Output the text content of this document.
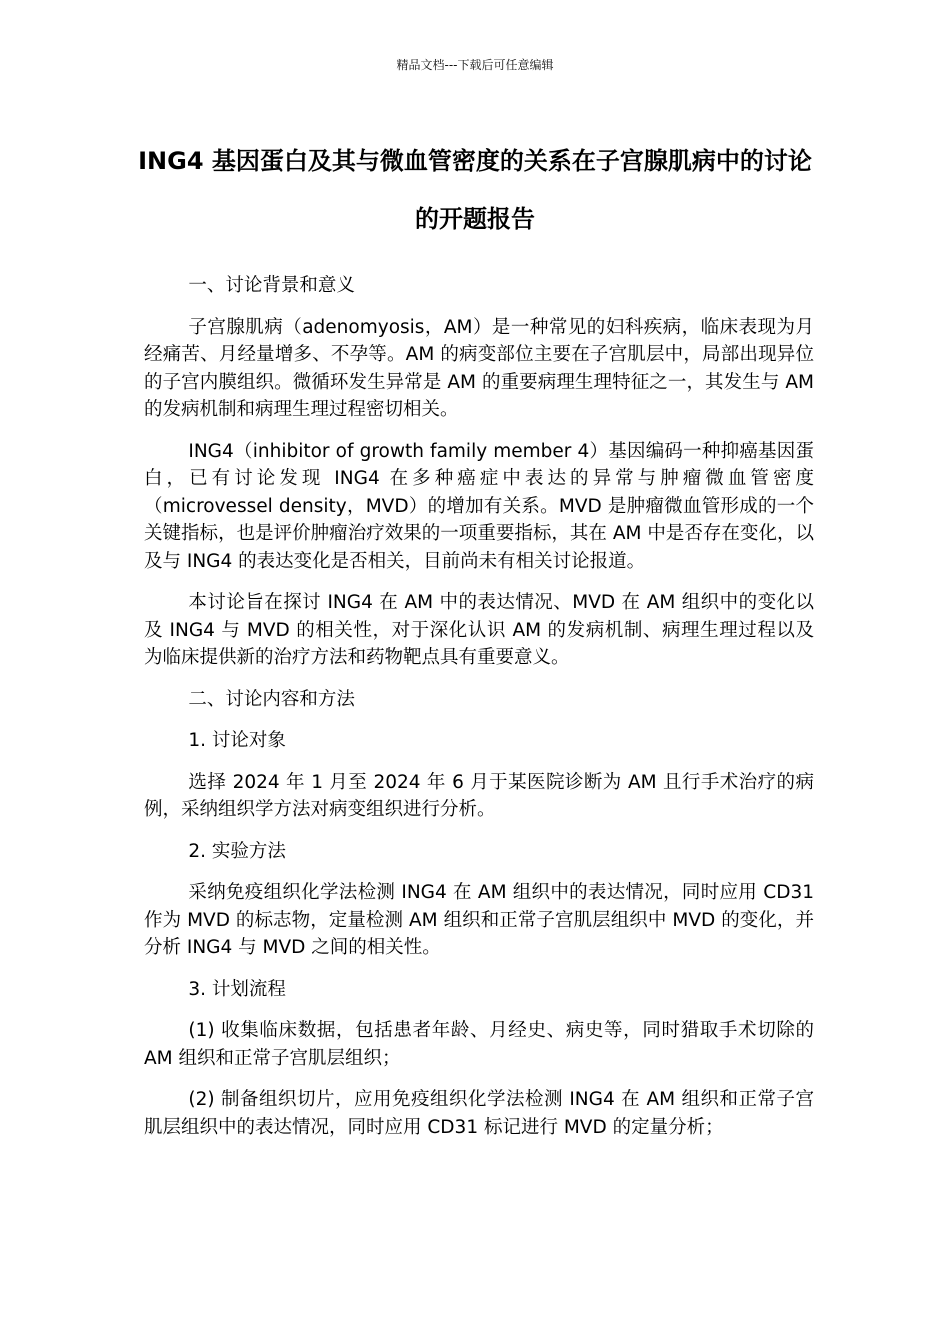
精品文档---下载后可任意编辑
ING4 基因蛋白及其与微血管密度的关系在子宫腺肌病中的讨论的开题报告

一、讨论背景和意义

子宫腺肌病（adenomyosis，AM）是一种常见的妇科疾病，临床表现为月经痛苦、月经量增多、不孕等。AM 的病变部位主要在子宫肌层中，局部出现异位的子宫内膜组织。微循环发生异常是 AM 的重要病理生理特征之一，其发生与 AM 的发病机制和病理生理过程密切相关。

ING4（inhibitor of growth family member 4）基因编码一种抑癌基因蛋白，已有讨论发现 ING4 在多种癌症中表达的异常与肿瘤微血管密度（microvessel density，MVD）的增加有关系。MVD 是肿瘤微血管形成的一个关键指标，也是评价肿瘤治疗效果的一项重要指标，其在 AM 中是否存在变化，以及与 ING4 的表达变化是否相关，目前尚未有相关讨论报道。

本讨论旨在探讨 ING4 在 AM 中的表达情况、MVD 在 AM 组织中的变化以及 ING4 与 MVD 的相关性，对于深化认识 AM 的发病机制、病理生理过程以及为临床提供新的治疗方法和药物靶点具有重要意义。

二、讨论内容和方法

1. 讨论对象

选择 2024 年 1 月至 2024 年 6 月于某医院诊断为 AM 且行手术治疗的病例，采纳组织学方法对病变组织进行分析。

2. 实验方法

采纳免疫组织化学法检测 ING4 在 AM 组织中的表达情况，同时应用 CD31 作为 MVD 的标志物，定量检测 AM 组织和正常子宫肌层组织中 MVD 的变化，并分析 ING4 与 MVD 之间的相关性。

3. 计划流程

(1) 收集临床数据，包括患者年龄、月经史、病史等，同时猎取手术切除的 AM 组织和正常子宫肌层组织；

(2) 制备组织切片，应用免疫组织化学法检测 ING4 在 AM 组织和正常子宫肌层组织中的表达情况，同时应用 CD31 标记进行 MVD 的定量分析；
